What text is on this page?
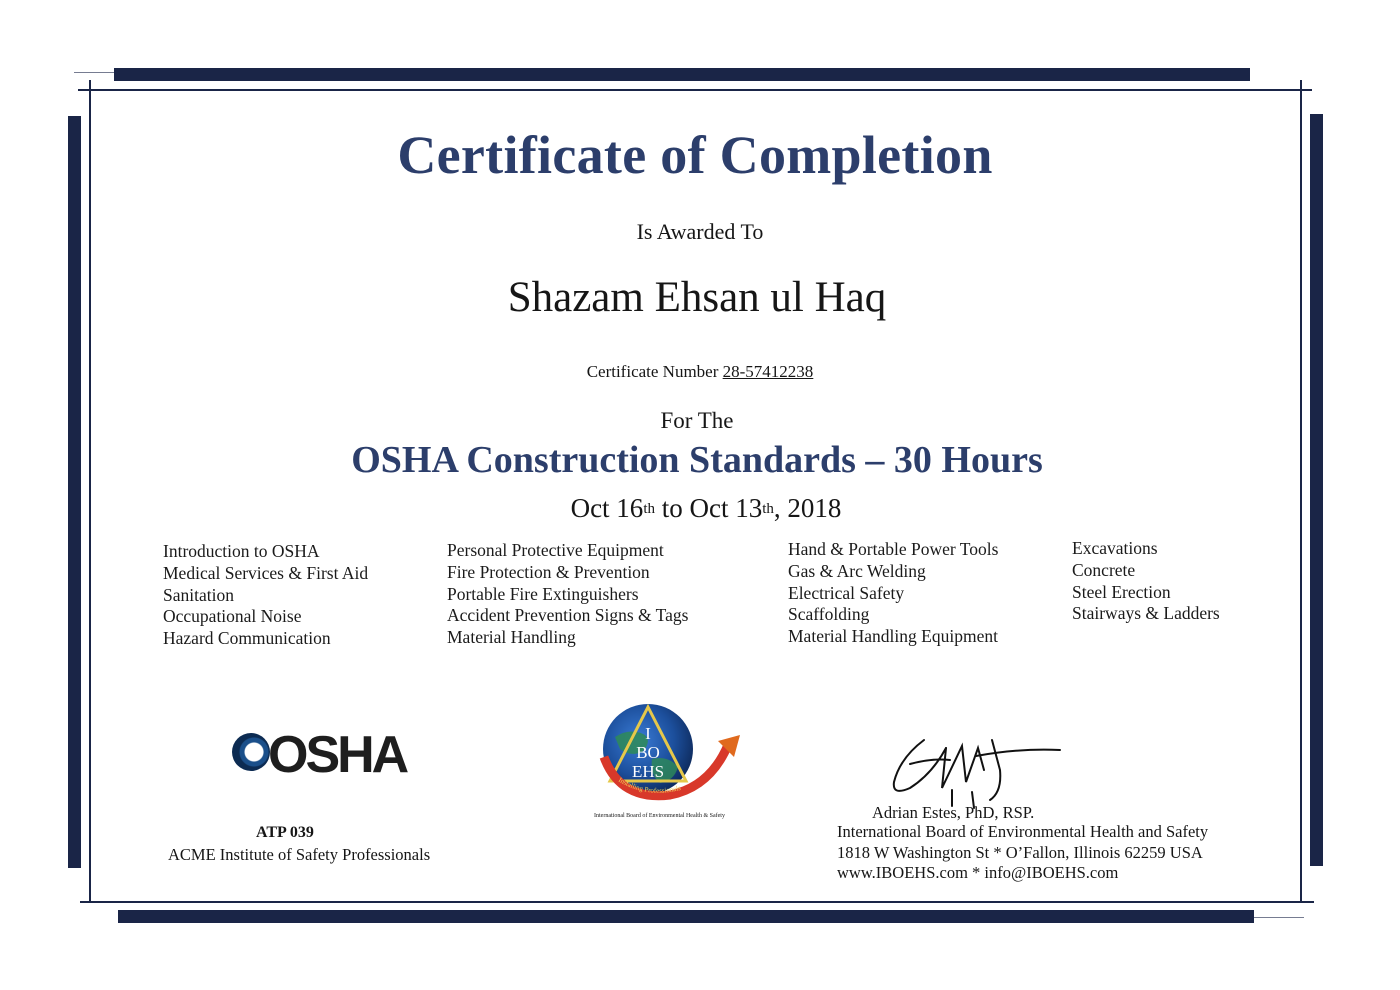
Certificate of Completion
Is Awarded To
Shazam Ehsan ul Haq
Certificate Number 28-57412238
For The
OSHA Construction Standards – 30 Hours
Oct 16th to Oct 13th, 2018
Introduction to OSHA
Medical Services & First Aid
Sanitation
Occupational Noise
Hazard Communication
Personal Protective Equipment
Fire Protection & Prevention
Portable Fire Extinguishers
Accident Prevention Signs & Tags
Material Handling
Hand & Portable Power Tools
Gas & Arc Welding
Electrical Safety
Scaffolding
Material Handling Equipment
Excavations
Concrete
Steel Erection
Stairways & Ladders
OSHA
ATP 039
ACME Institute of Safety Professionals
I
BO
EHS
Installing Professionals
International Board of Environmental Health & Safety	Adrian Estes, PhD, RSP.
International Board of Environmental Health and Safety
1818 W Washington St * O’Fallon, Illinois 62259 USA
www.IBOEHS.com * info@IBOEHS.com
